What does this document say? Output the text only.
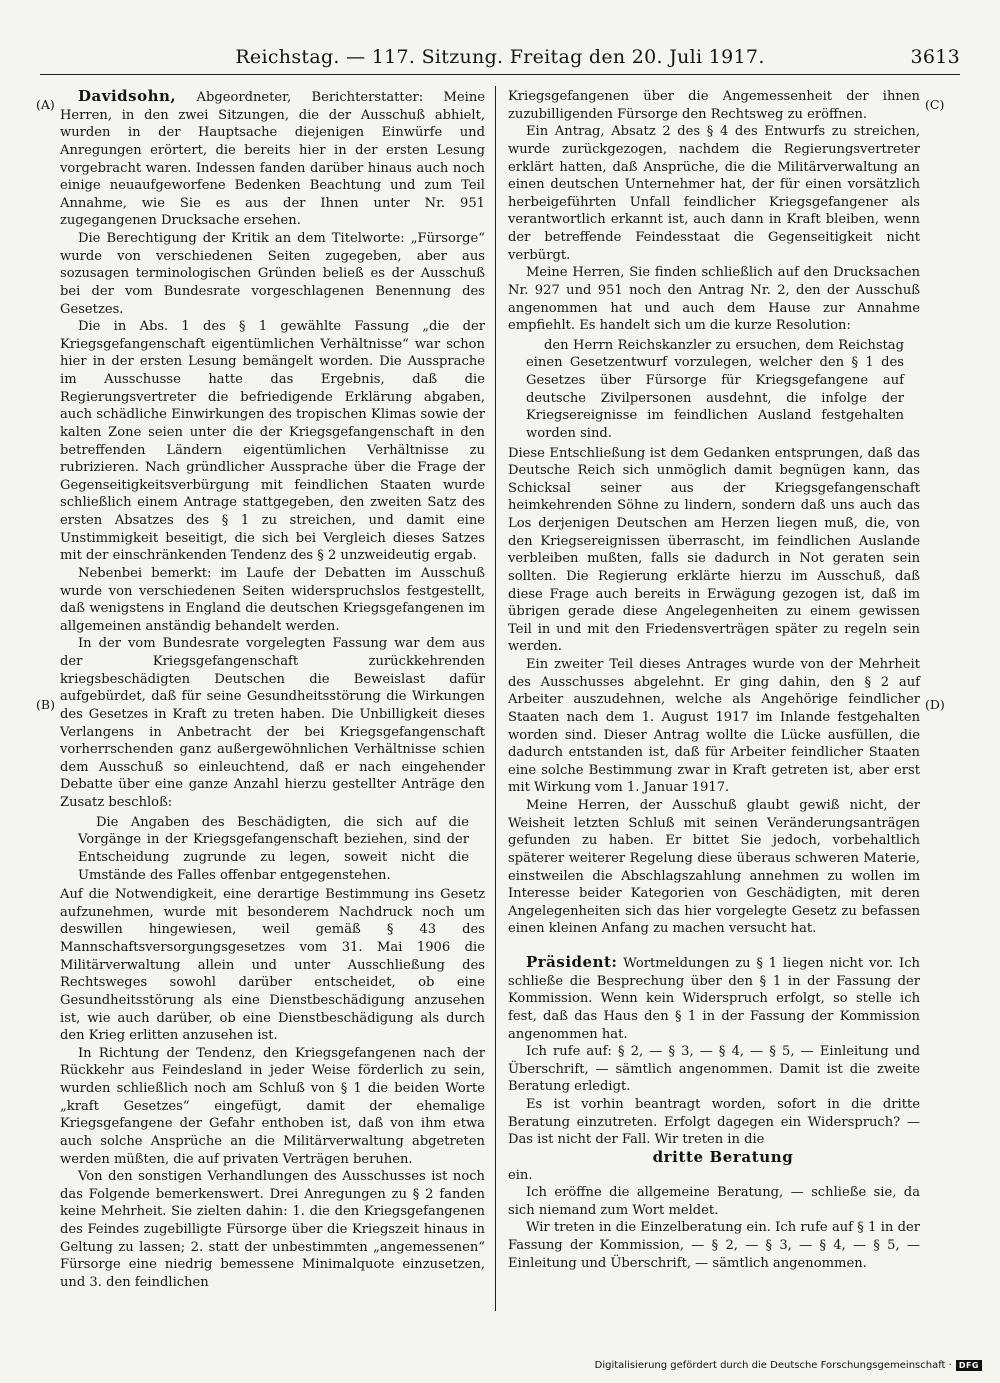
Reichstag. — 117. Sitzung. Freitag den 20. Juli 1917.	3613
(A)
(B)
(C)
(D)

Davidsohn, Abgeordneter, Berichterstatter: Meine Herren, in den zwei Sitzungen, die der Ausschuß abhielt, wurden in der Hauptsache diejenigen Einwürfe und Anregungen erörtert, die bereits hier in der ersten Lesung vorgebracht waren. Indessen fanden darüber hinaus auch noch einige neuaufgeworfene Bedenken Beachtung und zum Teil Annahme, wie Sie es aus der Ihnen unter Nr. 951 zugegangenen Drucksache ersehen.

Die Berechtigung der Kritik an dem Titelworte: „Fürsorge“ wurde von verschiedenen Seiten zugegeben, aber aus sozusagen terminologischen Gründen beließ es der Ausschuß bei der vom Bundesrate vorgeschlagenen Benennung des Gesetzes.

Die in Abs. 1 des § 1 gewählte Fassung „die der Kriegsgefangenschaft eigentümlichen Verhältnisse“ war schon hier in der ersten Lesung bemängelt worden. Die Aussprache im Ausschusse hatte das Ergebnis, daß die Regierungsvertreter die befriedigende Erklärung abgaben, auch schädliche Einwirkungen des tropischen Klimas sowie der kalten Zone seien unter die der Kriegsgefangenschaft in den betreffenden Ländern eigentümlichen Verhältnisse zu rubrizieren. Nach gründlicher Aussprache über die Frage der Gegenseitigkeitsverbürgung mit feindlichen Staaten wurde schließlich einem Antrage stattgegeben, den zweiten Satz des ersten Absatzes des § 1 zu streichen, und damit eine Unstimmigkeit beseitigt, die sich bei Vergleich dieses Satzes mit der einschränkenden Tendenz des § 2 unzweideutig ergab.

Nebenbei bemerkt: im Laufe der Debatten im Ausschuß wurde von verschiedenen Seiten widerspruchslos festgestellt, daß wenigstens in England die deutschen Kriegsgefangenen im allgemeinen anständig behandelt werden.

In der vom Bundesrate vorgelegten Fassung war dem aus der Kriegsgefangenschaft zurückkehrenden kriegsbeschädigten Deutschen die Beweislast dafür aufgebürdet, daß für seine Gesundheitsstörung die Wirkungen des Gesetzes in Kraft zu treten haben. Die Unbilligkeit dieses Verlangens in Anbetracht der bei Kriegsgefangenschaft vorherrschenden ganz außergewöhnlichen Verhältnisse schien dem Ausschuß so einleuchtend, daß er nach eingehender Debatte über eine ganze Anzahl hierzu gestellter Anträge den Zusatz beschloß:

Die Angaben des Beschädigten, die sich auf die Vorgänge in der Kriegsgefangenschaft beziehen, sind der Entscheidung zugrunde zu legen, soweit nicht die Umstände des Falles offenbar entgegenstehen.

Auf die Notwendigkeit, eine derartige Bestimmung ins Gesetz aufzunehmen, wurde mit besonderem Nachdruck noch um deswillen hingewiesen, weil gemäß § 43 des Mannschaftsversorgungsgesetzes vom 31. Mai 1906 die Militärverwaltung allein und unter Ausschließung des Rechtsweges sowohl darüber entscheidet, ob eine Gesundheitsstörung als eine Dienstbeschädigung anzusehen ist, wie auch darüber, ob eine Dienstbeschädigung als durch den Krieg erlitten anzusehen ist.

In Richtung der Tendenz, den Kriegsgefangenen nach der Rückkehr aus Feindesland in jeder Weise förderlich zu sein, wurden schließlich noch am Schluß von § 1 die beiden Worte „kraft Gesetzes“ eingefügt, damit der ehemalige Kriegsgefangene der Gefahr enthoben ist, daß von ihm etwa auch solche Ansprüche an die Militärverwaltung abgetreten werden müßten, die auf privaten Verträgen beruhen.

Von den sonstigen Verhandlungen des Ausschusses ist noch das Folgende bemerkenswert. Drei Anregungen zu § 2 fanden keine Mehrheit. Sie zielten dahin: 1. die den Kriegsgefangenen des Feindes zugebilligte Fürsorge über die Kriegszeit hinaus in Geltung zu lassen; 2. statt der unbestimmten „angemessenen“ Fürsorge eine niedrig bemessene Minimalquote einzusetzen, und 3. den feindlichen

Kriegsgefangenen über die Angemessenheit der ihnen zuzubilligenden Fürsorge den Rechtsweg zu eröffnen.

Ein Antrag, Absatz 2 des § 4 des Entwurfs zu streichen, wurde zurückgezogen, nachdem die Regierungsvertreter erklärt hatten, daß Ansprüche, die die Militärverwaltung an einen deutschen Unternehmer hat, der für einen vorsätzlich herbeigeführten Unfall feindlicher Kriegsgefangener als verantwortlich erkannt ist, auch dann in Kraft bleiben, wenn der betreffende Feindesstaat die Gegenseitigkeit nicht verbürgt.

Meine Herren, Sie finden schließlich auf den Drucksachen Nr. 927 und 951 noch den Antrag Nr. 2, den der Ausschuß angenommen hat und auch dem Hause zur Annahme empfiehlt. Es handelt sich um die kurze Resolution:

den Herrn Reichskanzler zu ersuchen, dem Reichstag einen Gesetzentwurf vorzulegen, welcher den § 1 des Gesetzes über Fürsorge für Kriegsgefangene auf deutsche Zivilpersonen ausdehnt, die infolge der Kriegsereignisse im feindlichen Ausland festgehalten worden sind.

Diese Entschließung ist dem Gedanken entsprungen, daß das Deutsche Reich sich unmöglich damit begnügen kann, das Schicksal seiner aus der Kriegsgefangenschaft heimkehrenden Söhne zu lindern, sondern daß uns auch das Los derjenigen Deutschen am Herzen liegen muß, die, von den Kriegsereignissen überrascht, im feindlichen Auslande verbleiben mußten, falls sie dadurch in Not geraten sein sollten. Die Regierung erklärte hierzu im Ausschuß, daß diese Frage auch bereits in Erwägung gezogen ist, daß im übrigen gerade diese Angelegenheiten zu einem gewissen Teil in und mit den Friedensverträgen später zu regeln sein werden.

Ein zweiter Teil dieses Antrages wurde von der Mehrheit des Ausschusses abgelehnt. Er ging dahin, den § 2 auf Arbeiter auszudehnen, welche als Angehörige feindlicher Staaten nach dem 1. August 1917 im Inlande festgehalten worden sind. Dieser Antrag wollte die Lücke ausfüllen, die dadurch entstanden ist, daß für Arbeiter feindlicher Staaten eine solche Bestimmung zwar in Kraft getreten ist, aber erst mit Wirkung vom 1. Januar 1917.

Meine Herren, der Ausschuß glaubt gewiß nicht, der Weisheit letzten Schluß mit seinen Veränderungsanträgen gefunden zu haben. Er bittet Sie jedoch, vorbehaltlich späterer weiterer Regelung diese überaus schweren Materie, einstweilen die Abschlagszahlung annehmen zu wollen im Interesse beider Kategorien von Geschädigten, mit deren Angelegenheiten sich das hier vorgelegte Gesetz zu befassen einen kleinen Anfang zu machen versucht hat.

Präsident: Wortmeldungen zu § 1 liegen nicht vor. Ich schließe die Besprechung über den § 1 in der Fassung der Kommission. Wenn kein Widerspruch erfolgt, so stelle ich fest, daß das Haus den § 1 in der Fassung der Kommission angenommen hat.

Ich rufe auf: § 2, — § 3, — § 4, — § 5, — Einleitung und Überschrift, — sämtlich angenommen. Damit ist die zweite Beratung erledigt.

Es ist vorhin beantragt worden, sofort in die dritte Beratung einzutreten. Erfolgt dagegen ein Widerspruch? — Das ist nicht der Fall. Wir treten in die

dritte Beratung

ein.

Ich eröffne die allgemeine Beratung, — schließe sie, da sich niemand zum Wort meldet.

Wir treten in die Einzelberatung ein. Ich rufe auf § 1 in der Fassung der Kommission, — § 2, — § 3, — § 4, — § 5, — Einleitung und Überschrift, — sämtlich angenommen.

Digitalisierung gefördert durch die Deutsche Forschungsgemeinschaft · DFG
